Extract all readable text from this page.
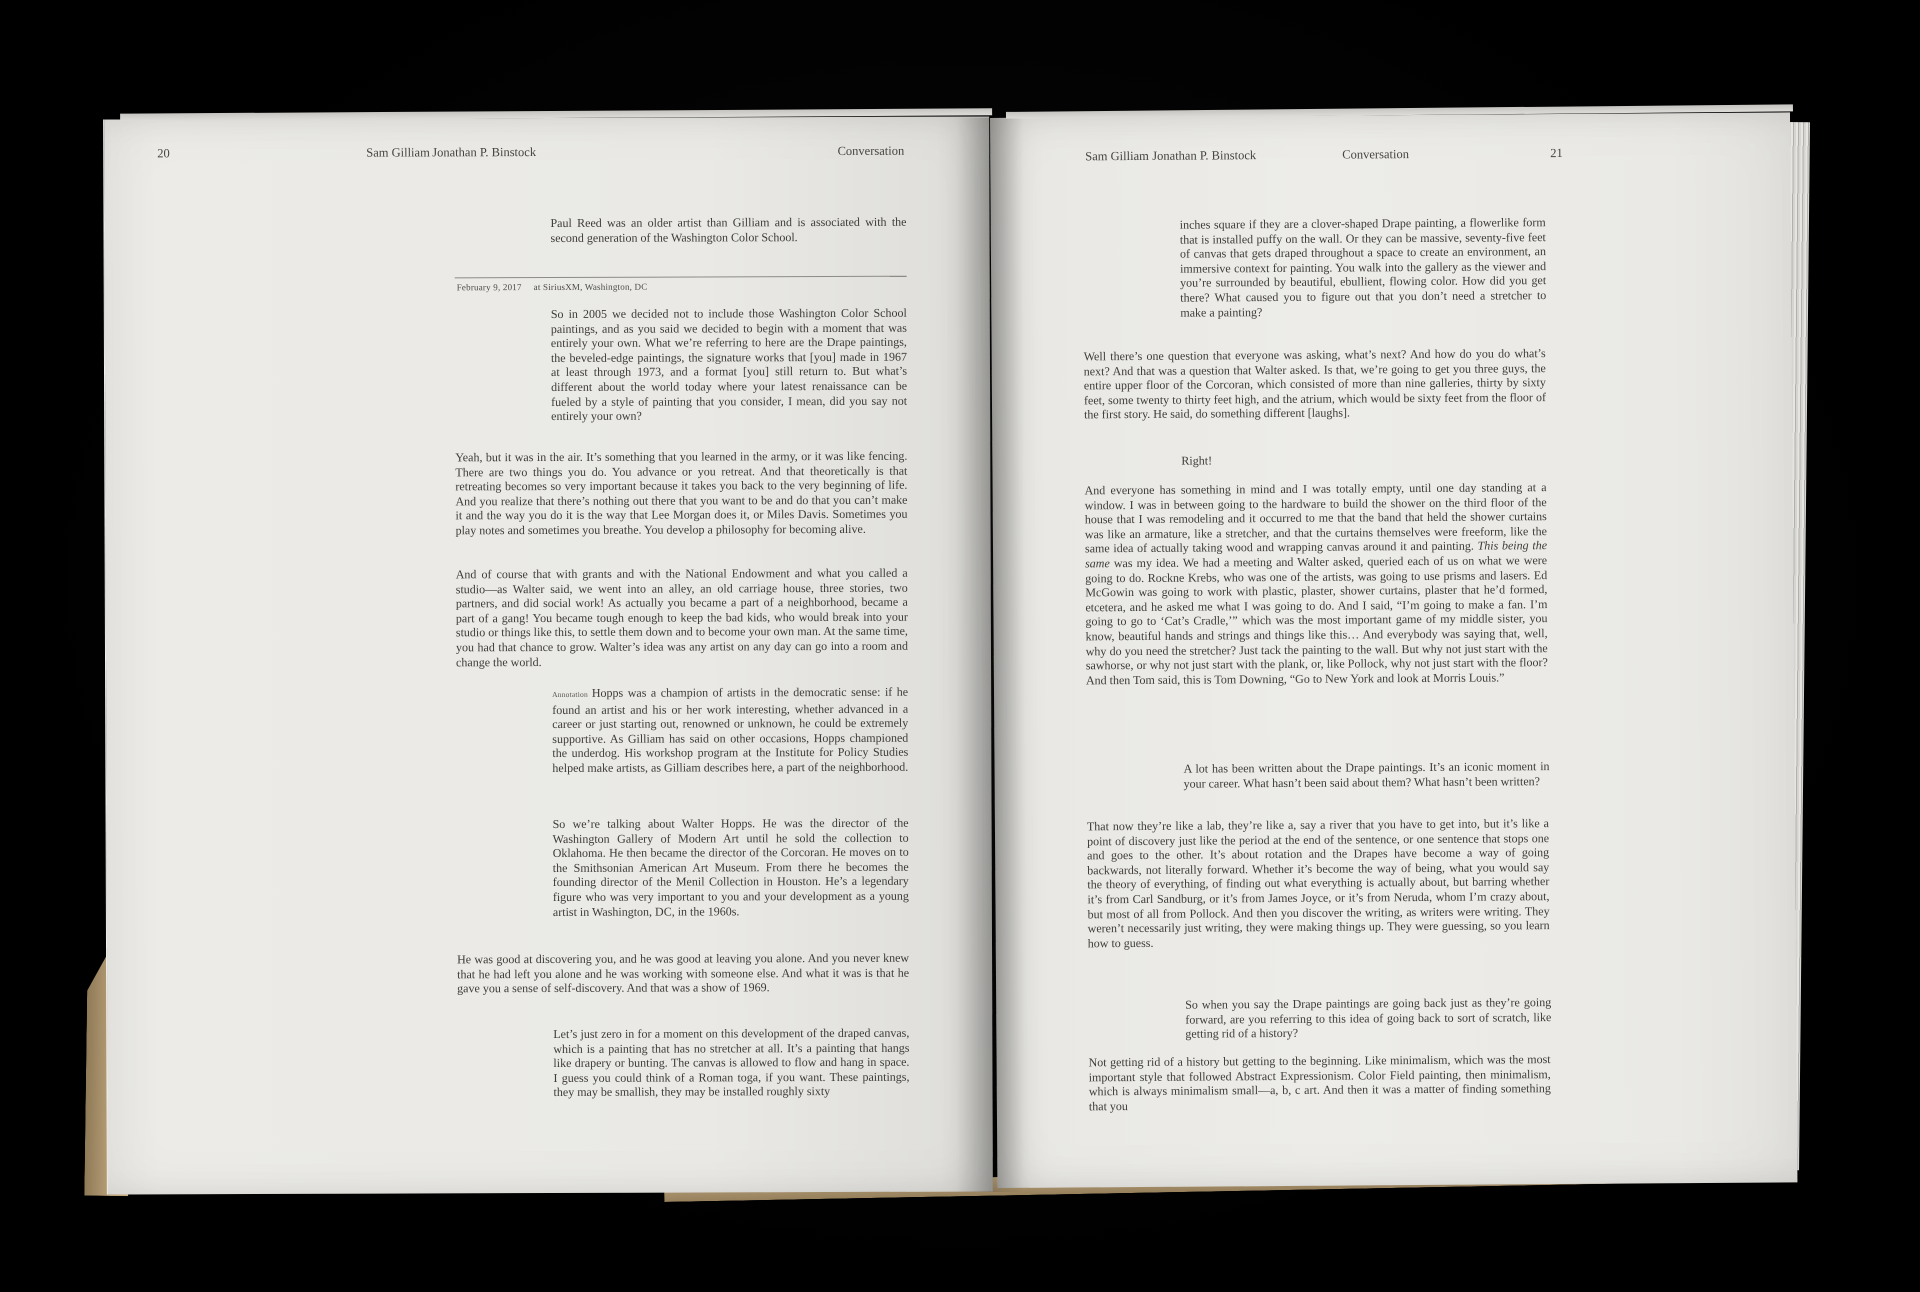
20	Sam Gilliam Jonathan P. Binstock	Conversation
Paul Reed was an older artist than Gilliam and is associated with the second generation of the Washington Color School.
February 9, 2017 at SiriusXM, Washington, DC
So in 2005 we decided not to include those Washington Color School paintings, and as you said we decided to begin with a moment that was entirely your own. What we’re referring to here are the Drape paintings, the beveled-edge paintings, the signature works that [you] made in 1967 at least through 1973, and a format [you] still return to. But what’s different about the world today where your latest renaissance can be fueled by a style of painting that you consider, I mean, did you say not entirely your own?
Yeah, but it was in the air. It’s something that you learned in the army, or it was like fencing. There are two things you do. You advance or you retreat. And that theoretically is that retreating becomes so very important because it takes you back to the very beginning of life. And you realize that there’s nothing out there that you want to be and do that you can’t make it and the way you do it is the way that Lee Morgan does it, or Miles Davis. Sometimes you play notes and sometimes you breathe. You develop a philosophy for becoming alive.
And of course that with grants and with the National Endowment and what you called a studio—as Walter said, we went into an alley, an old carriage house, three stories, two partners, and did social work! As actually you became a part of a neighborhood, became a part of a gang! You became tough enough to keep the bad kids, who would break into your studio or things like this, to settle them down and to become your own man. At the same time, you had that chance to grow. Walter’s idea was any artist on any day can go into a room and change the world.
Annotation Hopps was a champion of artists in the democratic sense: if he found an artist and his or her work interesting, whether advanced in a career or just starting out, renowned or unknown, he could be extremely supportive. As Gilliam has said on other occasions, Hopps championed the underdog. His workshop program at the Institute for Policy Studies helped make artists, as Gilliam describes here, a part of the neighborhood.
So we’re talking about Walter Hopps. He was the director of the Washington Gallery of Modern Art until he sold the collection to Oklahoma. He then became the director of the Corcoran. He moves on to the Smithsonian American Art Museum. From there he becomes the founding director of the Menil Collection in Houston. He’s a legendary figure who was very important to you and your development as a young artist in Washington, DC, in the 1960s.
He was good at discovering you, and he was good at leaving you alone. And you never knew that he had left you alone and he was working with someone else. And what it was is that he gave you a sense of self-discovery. And that was a show of 1969.
Let’s just zero in for a moment on this development of the draped canvas, which is a painting that has no stretcher at all. It’s a painting that hangs like drapery or bunting. The canvas is allowed to flow and hang in space. I guess you could think of a Roman toga, if you want. These paintings, they may be smallish, they may be installed roughly sixty
Sam Gilliam Jonathan P. Binstock	Conversation	21
inches square if they are a clover-shaped Drape painting, a flowerlike form that is installed puffy on the wall. Or they can be massive, seventy-five feet of canvas that gets draped throughout a space to create an environment, an immersive context for painting. You walk into the gallery as the viewer and you’re surrounded by beautiful, ebullient, flowing color. How did you get there? What caused you to figure out that you don’t need a stretcher to make a painting?
Well there’s one question that everyone was asking, what’s next? And how do you do what’s next? And that was a question that Walter asked. Is that, we’re going to get you three guys, the entire upper floor of the Corcoran, which consisted of more than nine galleries, thirty by sixty feet, some twenty to thirty feet high, and the atrium, which would be sixty feet from the floor of the first story. He said, do something different [laughs].
Right!
And everyone has something in mind and I was totally empty, until one day standing at a window. I was in between going to the hardware to build the shower on the third floor of the house that I was remodeling and it occurred to me that the band that held the shower curtains was like an armature, like a stretcher, and that the curtains themselves were freeform, like the same idea of actually taking wood and wrapping canvas around it and painting. This being the same was my idea. We had a meeting and Walter asked, queried each of us on what we were going to do. Rockne Krebs, who was one of the artists, was going to use prisms and lasers. Ed McGowin was going to work with plastic, plaster, shower curtains, plaster that he’d formed, etcetera, and he asked me what I was going to do. And I said, “I’m going to make a fan. I’m going to go to ‘Cat’s Cradle,’” which was the most important game of my middle sister, you know, beautiful hands and strings and things like this… And everybody was saying that, well, why do you need the stretcher? Just tack the painting to the wall. But why not just start with the sawhorse, or why not just start with the plank, or, like Pollock, why not just start with the floor? And then Tom said, this is Tom Downing, “Go to New York and look at Morris Louis.”
A lot has been written about the Drape paintings. It’s an iconic moment in your career. What hasn’t been said about them? What hasn’t been written?
That now they’re like a lab, they’re like a, say a river that you have to get into, but it’s like a point of discovery just like the period at the end of the sentence, or one sentence that stops one and goes to the other. It’s about rotation and the Drapes have become a way of going backwards, not literally forward. Whether it’s become the way of being, what you would say the theory of everything, of finding out what everything is actually about, but barring whether it’s from Carl Sandburg, or it’s from James Joyce, or it’s from Neruda, whom I’m crazy about, but most of all from Pollock. And then you discover the writing, as writers were writing. They weren’t necessarily just writing, they were making things up. They were guessing, so you learn how to guess.
So when you say the Drape paintings are going back just as they’re going forward, are you referring to this idea of going back to sort of scratch, like getting rid of a history?
Not getting rid of a history but getting to the beginning. Like minimalism, which was the most important style that followed Abstract Expressionism. Color Field painting, then minimalism, which is always minimalism small—a, b, c art. And then it was a matter of finding something that you
